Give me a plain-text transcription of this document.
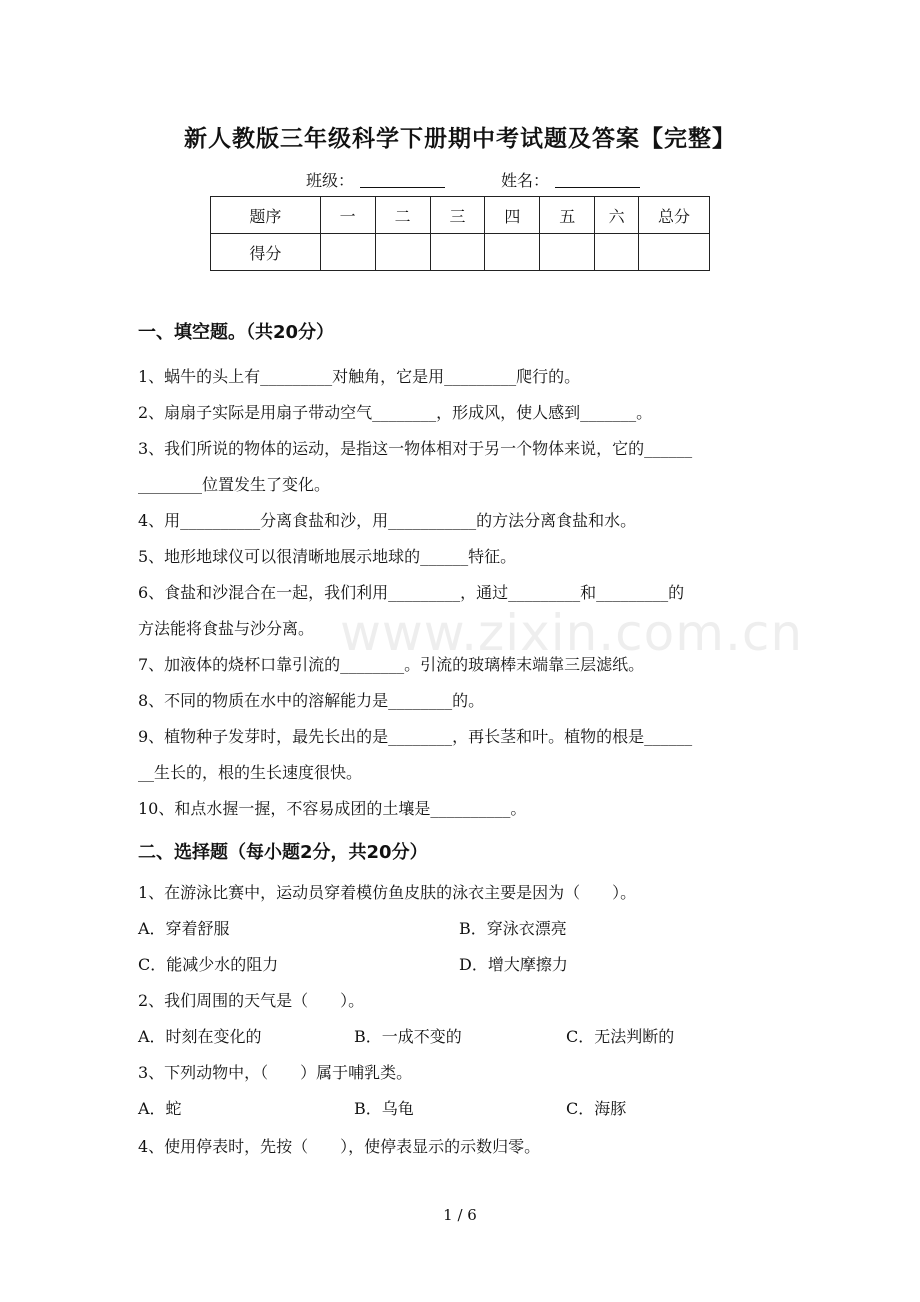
新人教版三年级科学下册期中考试题及答案【完整】
班级：	姓名：
题序	一	二	三	四	五	六	总分
得分							
一、填空题。（共20分）
1、蜗牛的头上有_________对触角，它是用_________爬行的。
2、扇扇子实际是用扇子带动空气________，形成风，使人感到_______。
3、我们所说的物体的运动，是指这一物体相对于另一个物体来说，它的______
________位置发生了变化。
4、用__________分离食盐和沙，用___________的方法分离食盐和水。
5、地形地球仪可以很清晰地展示地球的______特征。
6、食盐和沙混合在一起，我们利用_________，通过_________和_________的
方法能将食盐与沙分离。
7、加液体的烧杯口靠引流的________。引流的玻璃棒末端靠三层滤纸。
8、不同的物质在水中的溶解能力是________的。
9、植物种子发芽时，最先长出的是________，再长茎和叶。植物的根是______
__生长的，根的生长速度很快。
10、和点水握一握，不容易成团的土壤是__________。
二、选择题（每小题2分，共20分）
1、在游泳比赛中，运动员穿着模仿鱼皮肤的泳衣主要是因为（　　）。
A．穿着舒服	B．穿泳衣漂亮
C．能减少水的阻力	D．增大摩擦力
2、我们周围的天气是（　　）。
A．时刻在变化的	B．一成不变的	C．无法判断的
3、下列动物中，（　　）属于哺乳类。
A．蛇	B．乌龟	C．海豚
4、使用停表时，先按（　　），使停表显示的示数归零。
www.zixin.com.cn
1 / 6
